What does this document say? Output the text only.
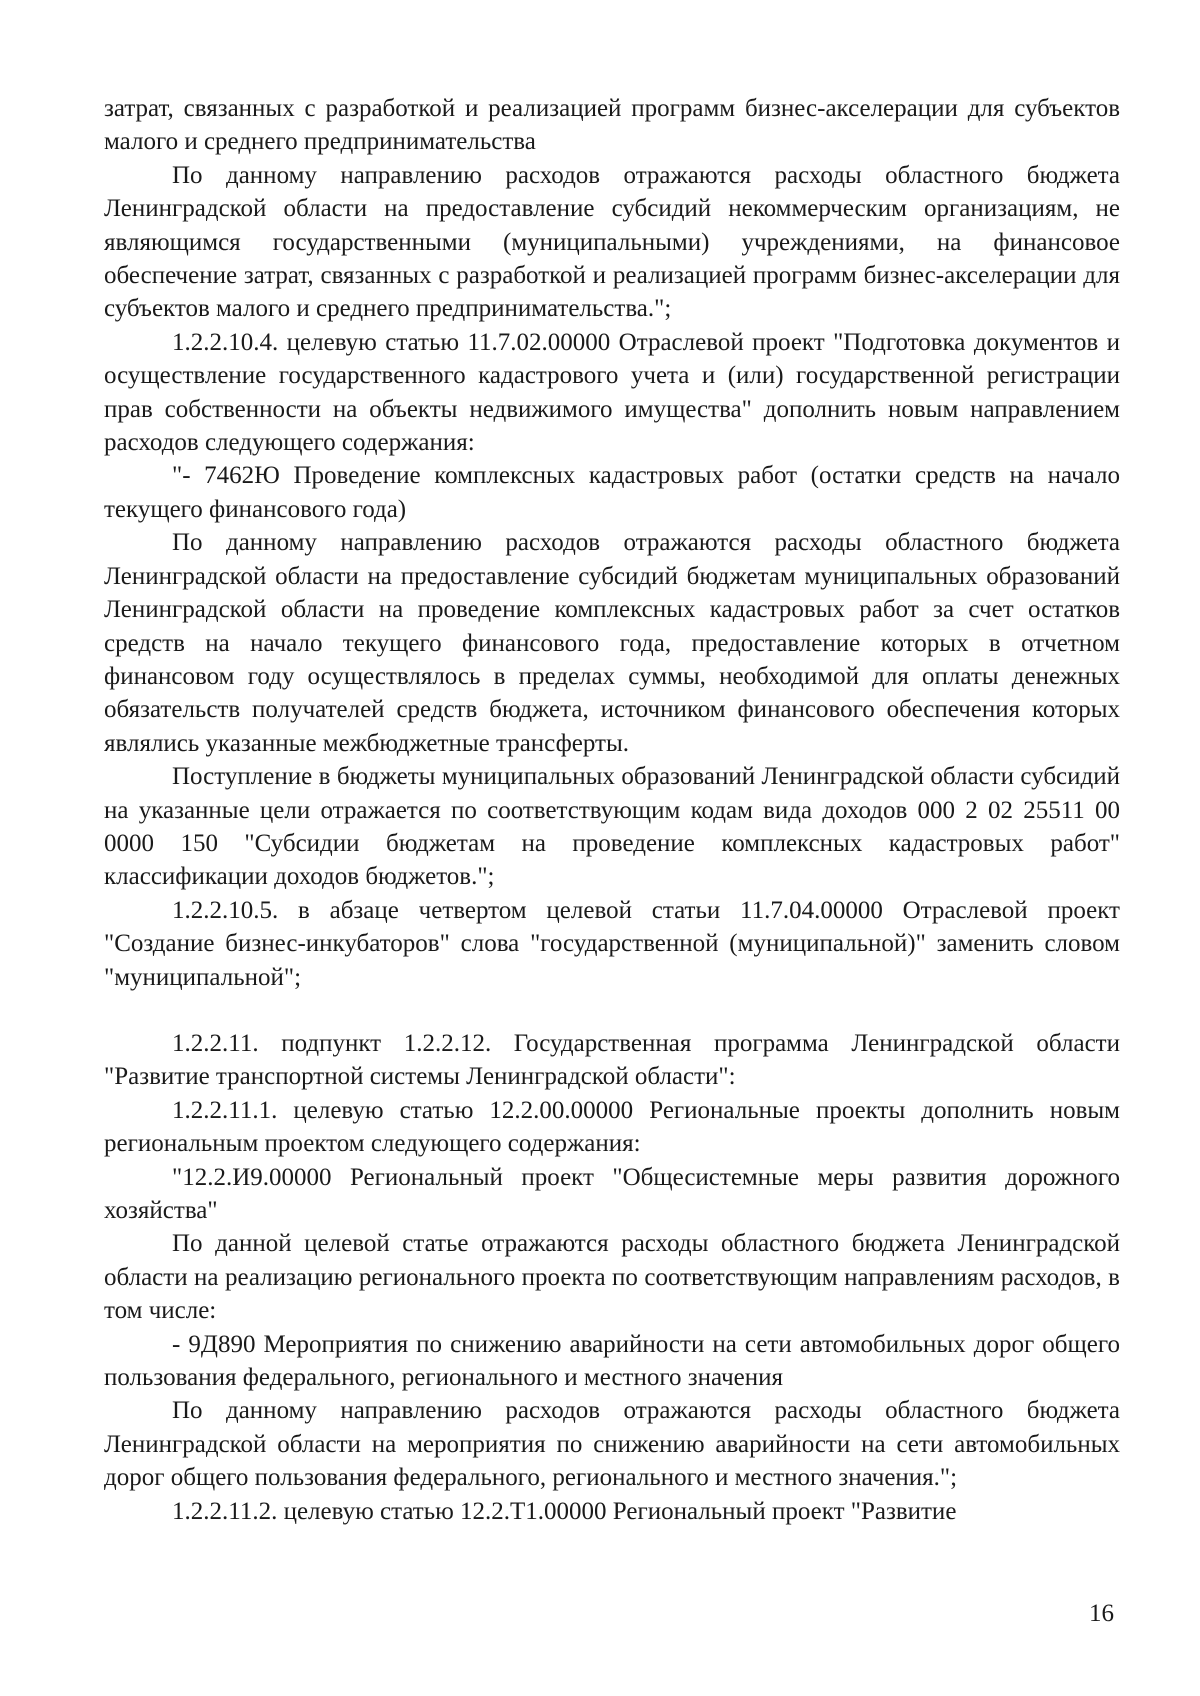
затрат, связанных с разработкой и реализацией программ бизнес-акселерации для субъектов малого и среднего предпринимательства

По данному направлению расходов отражаются расходы областного бюджета Ленинградской области на предоставление субсидий некоммерческим организациям, не являющимся государственными (муниципальными) учреждениями, на финансовое обеспечение затрат, связанных с разработкой и реализацией программ бизнес-акселерации для субъектов малого и среднего предпринимательства.";

1.2.2.10.4. целевую статью 11.7.02.00000 Отраслевой проект "Подготовка документов и осуществление государственного кадастрового учета и (или) государственной регистрации прав собственности на объекты недвижимого имущества" дополнить новым направлением расходов следующего содержания:

"- 7462Ю Проведение комплексных кадастровых работ (остатки средств на начало текущего финансового года)

По данному направлению расходов отражаются расходы областного бюджета Ленинградской области на предоставление субсидий бюджетам муниципальных образований Ленинградской области на проведение комплексных кадастровых работ за счет остатков средств на начало текущего финансового года, предоставление которых в отчетном финансовом году осуществлялось в пределах суммы, необходимой для оплаты денежных обязательств получателей средств бюджета, источником финансового обеспечения которых являлись указанные межбюджетные трансферты.

Поступление в бюджеты муниципальных образований Ленинградской области субсидий на указанные цели отражается по соответствующим кодам вида доходов 000 2 02 25511 00 0000 150 "Субсидии бюджетам на проведение комплексных кадастровых работ" классификации доходов бюджетов.";

1.2.2.10.5. в абзаце четвертом целевой статьи 11.7.04.00000 Отраслевой проект "Создание бизнес-инкубаторов" слова "государственной (муниципальной)" заменить словом "муниципальной";

1.2.2.11. подпункт 1.2.2.12. Государственная программа Ленинградской области "Развитие транспортной системы Ленинградской области":

1.2.2.11.1. целевую статью 12.2.00.00000 Региональные проекты дополнить новым региональным проектом следующего содержания:

"12.2.И9.00000 Региональный проект "Общесистемные меры развития дорожного хозяйства"

По данной целевой статье отражаются расходы областного бюджета Ленинградской области на реализацию регионального проекта по соответствующим направлениям расходов, в том числе:

- 9Д890 Мероприятия по снижению аварийности на сети автомобильных дорог общего пользования федерального, регионального и местного значения

По данному направлению расходов отражаются расходы областного бюджета Ленинградской области на мероприятия по снижению аварийности на сети автомобильных дорог общего пользования федерального, регионального и местного значения.";

1.2.2.11.2. целевую статью 12.2.Т1.00000 Региональный проект "Развитие

16
